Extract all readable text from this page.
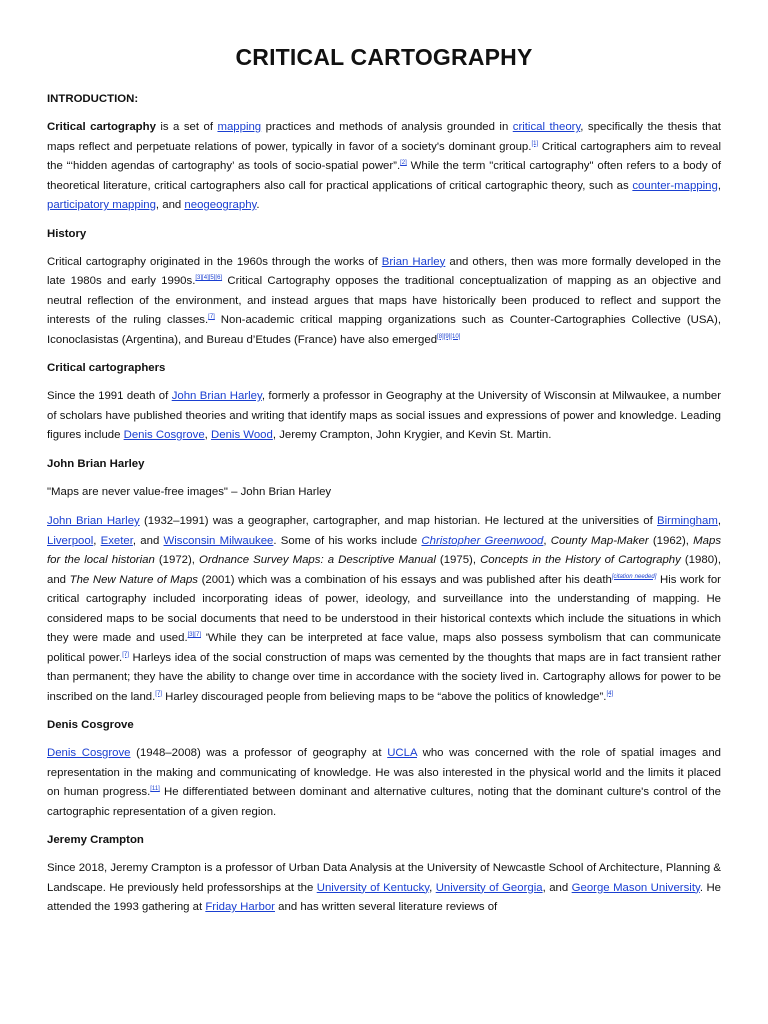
CRITICAL CARTOGRAPHY
INTRODUCTION:

Critical cartography is a set of mapping practices and methods of analysis grounded in critical theory, specifically the thesis that maps reflect and perpetuate relations of power, typically in favor of a society's dominant group.[1] Critical cartographers aim to reveal the “‘hidden agendas of cartography’ as tools of socio-spatial power”.[2] While the term "critical cartography" often refers to a body of theoretical literature, critical cartographers also call for practical applications of critical cartographic theory, such as counter-mapping, participatory mapping, and neogeography.

History

Critical cartography originated in the 1960s through the works of Brian Harley and others, then was more formally developed in the late 1980s and early 1990s.[3][4][5][6] Critical Cartography opposes the traditional conceptualization of mapping as an objective and neutral reflection of the environment, and instead argues that maps have historically been produced to reflect and support the interests of the ruling classes.[7] Non-academic critical mapping organizations such as Counter-Cartographies Collective (USA), Iconoclasistas (Argentina), and Bureau d’Etudes (France) have also emerged[8][9][10]

Critical cartographers

Since the 1991 death of John Brian Harley, formerly a professor in Geography at the University of Wisconsin at Milwaukee, a number of scholars have published theories and writing that identify maps as social issues and expressions of power and knowledge. Leading figures include Denis Cosgrove, Denis Wood, Jeremy Crampton, John Krygier, and Kevin St. Martin.

John Brian Harley

"Maps are never value-free images" – John Brian Harley

John Brian Harley (1932–1991) was a geographer, cartographer, and map historian. He lectured at the universities of Birmingham, Liverpool, Exeter, and Wisconsin Milwaukee. Some of his works include Christopher Greenwood, County Map-Maker (1962), Maps for the local historian (1972), Ordnance Survey Maps: a Descriptive Manual (1975), Concepts in the History of Cartography (1980), and The New Nature of Maps (2001) which was a combination of his essays and was published after his death[citation needed] His work for critical cartography included incorporating ideas of power, ideology, and surveillance into the understanding of mapping. He considered maps to be social documents that need to be understood in their historical contexts which include the situations in which they were made and used.[3][7] 'While they can be interpreted at face value, maps also possess symbolism that can communicate political power.[7] Harleys idea of the social construction of maps was cemented by the thoughts that maps are in fact transient rather than permanent; they have the ability to change over time in accordance with the society lived in. Cartography allows for power to be inscribed on the land.[7] Harley discouraged people from believing maps to be “above the politics of knowledge”.[4]

Denis Cosgrove

Denis Cosgrove (1948–2008) was a professor of geography at UCLA who was concerned with the role of spatial images and representation in the making and communicating of knowledge. He was also interested in the physical world and the limits it placed on human progress.[11] He differentiated between dominant and alternative cultures, noting that the dominant culture's control of the cartographic representation of a given region.

Jeremy Crampton

Since 2018, Jeremy Crampton is a professor of Urban Data Analysis at the University of Newcastle School of Architecture, Planning & Landscape. He previously held professorships at the University of Kentucky, University of Georgia, and George Mason University. He attended the 1993 gathering at Friday Harbor and has written several literature reviews of
